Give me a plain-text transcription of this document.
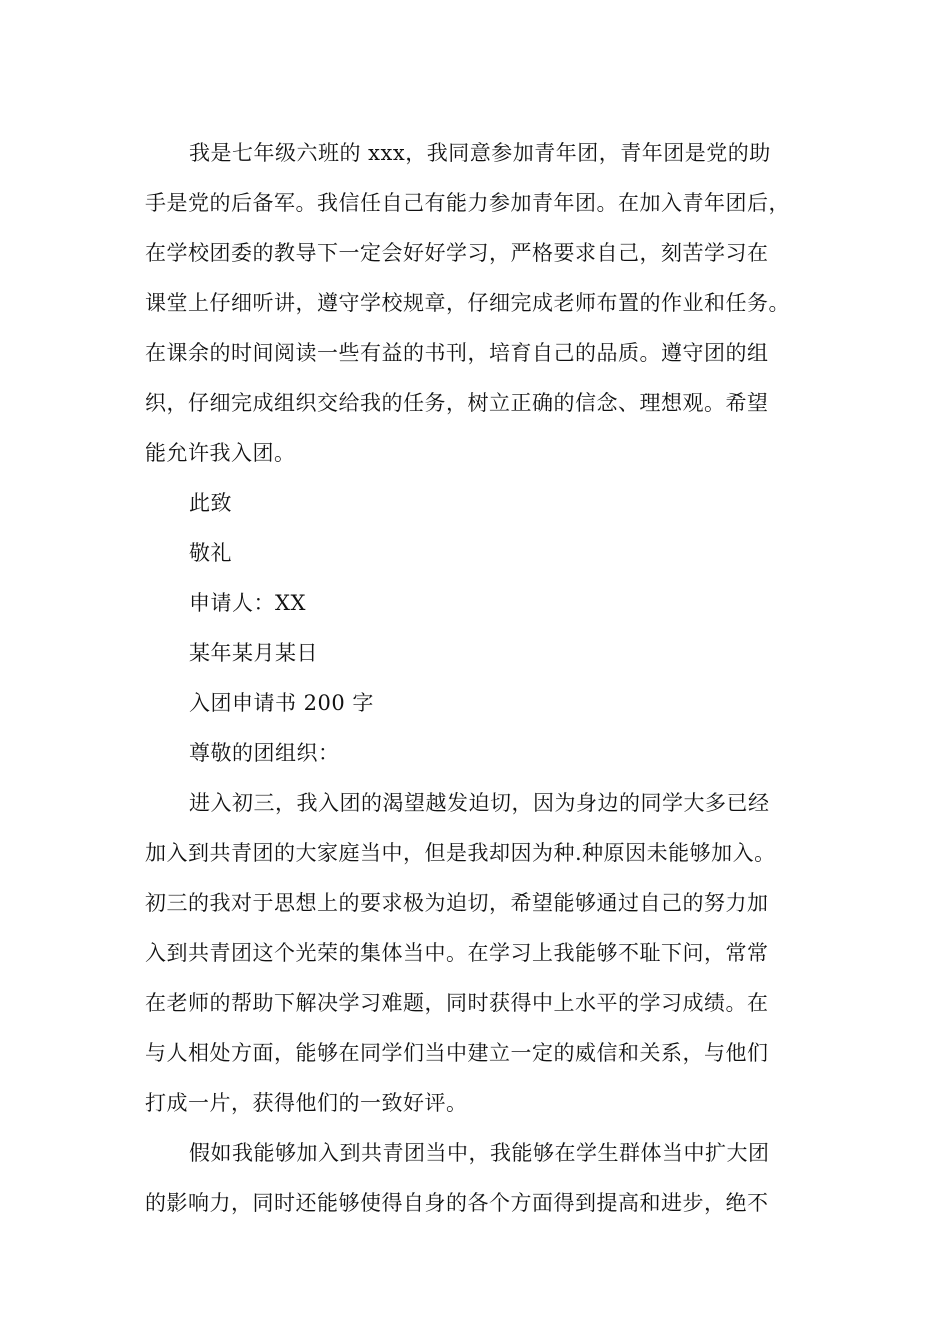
我是七年级六班的 xxx，我同意参加青年团，青年团是党的助
手是党的后备军。我信任自己有能力参加青年团。在加入青年团后，
在学校团委的教导下一定会好好学习，严格要求自己，刻苦学习在
课堂上仔细听讲，遵守学校规章，仔细完成老师布置的作业和任务。
在课余的时间阅读一些有益的书刊，培育自己的品质。遵守团的组
织，仔细完成组织交给我的任务，树立正确的信念、理想观。希望
能允许我入团。
此致
敬礼
申请人：XX
某年某月某日
入团申请书 200 字
尊敬的团组织：
进入初三，我入团的渴望越发迫切，因为身边的同学大多已经
加入到共青团的大家庭当中，但是我却因为种.种原因未能够加入。
初三的我对于思想上的要求极为迫切，希望能够通过自己的努力加
入到共青团这个光荣的集体当中。在学习上我能够不耻下问，常常
在老师的帮助下解决学习难题，同时获得中上水平的学习成绩。在
与人相处方面，能够在同学们当中建立一定的威信和关系，与他们
打成一片，获得他们的一致好评。
假如我能够加入到共青团当中，我能够在学生群体当中扩大团
的影响力，同时还能够使得自身的各个方面得到提高和进步，绝不
